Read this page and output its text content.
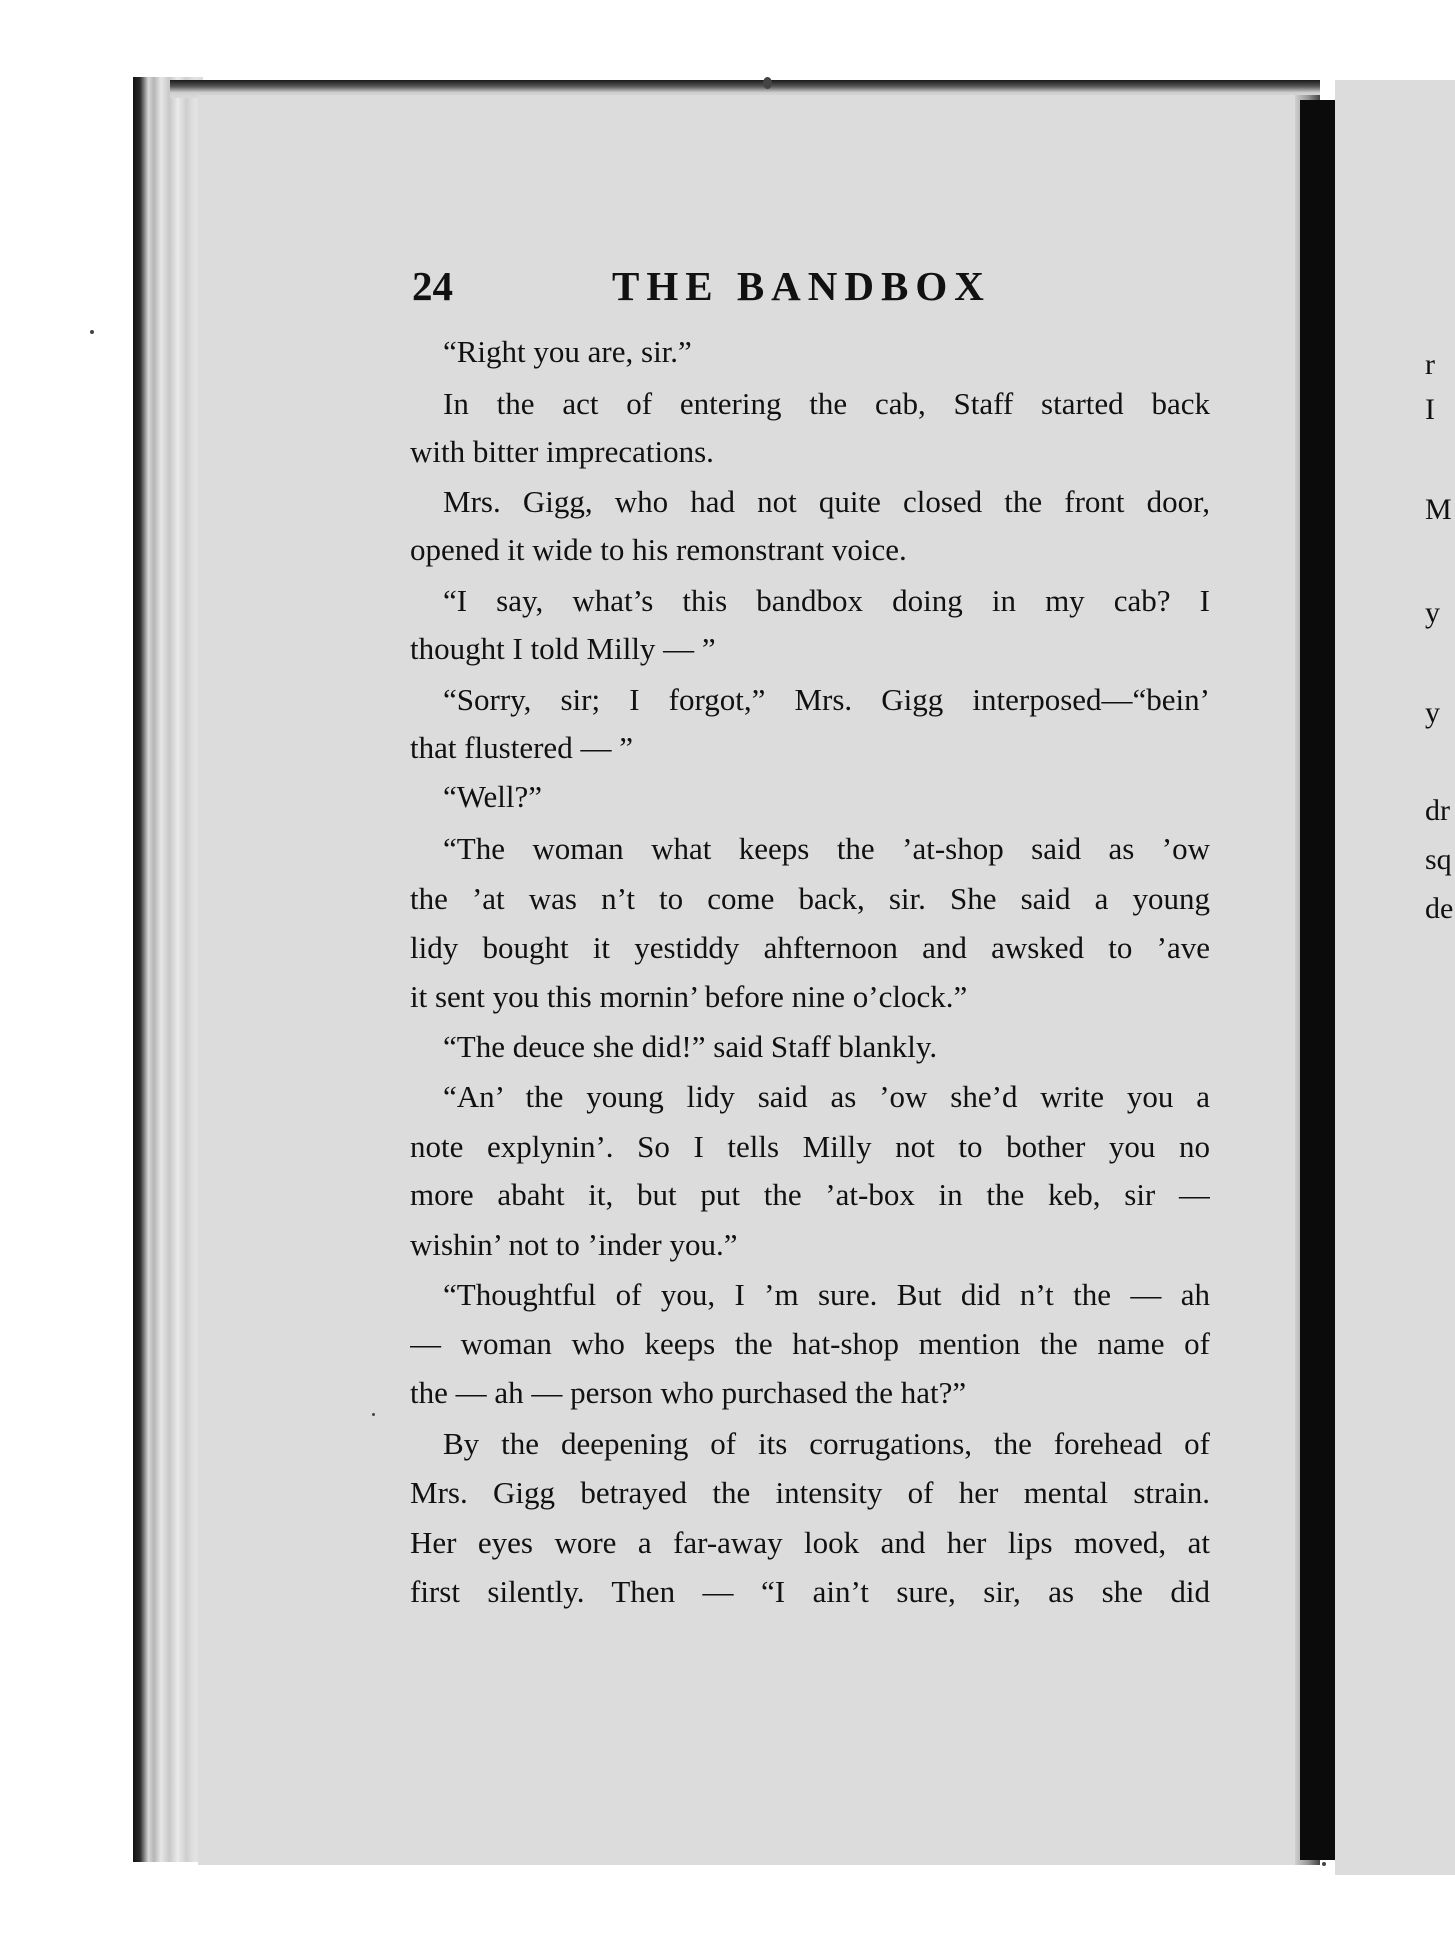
r
I
M
y
y
dr
sq
de
24	THE BANDBOX
“Right you are, sir.”
In the act of entering the cab, Staff started back
with bitter imprecations.
Mrs. Gigg, who had not quite closed the front door,
opened it wide to his remonstrant voice.
“I say, what’s this bandbox doing in my cab? I
thought I told Milly — ”
“Sorry, sir; I forgot,” Mrs. Gigg interposed—“bein’
that flustered — ”
“Well?”
“The woman what keeps the ’at-shop said as ’ow
the ’at was n’t to come back, sir. She said a young
lidy bought it yestiddy ahfternoon and awsked to ’ave
it sent you this mornin’ before nine o’clock.”
“The deuce she did!” said Staff blankly.
“An’ the young lidy said as ’ow she’d write you a
note explynin’. So I tells Milly not to bother you no
more abaht it, but put the ’at-box in the keb, sir —
wishin’ not to ’inder you.”
“Thoughtful of you, I ’m sure. But did n’t the — ah
— woman who keeps the hat-shop mention the name of
the — ah — person who purchased the hat?”
By the deepening of its corrugations, the forehead of
Mrs. Gigg betrayed the intensity of her mental strain.
Her eyes wore a far-away look and her lips moved, at
first silently. Then — “I ain’t sure, sir, as she did
